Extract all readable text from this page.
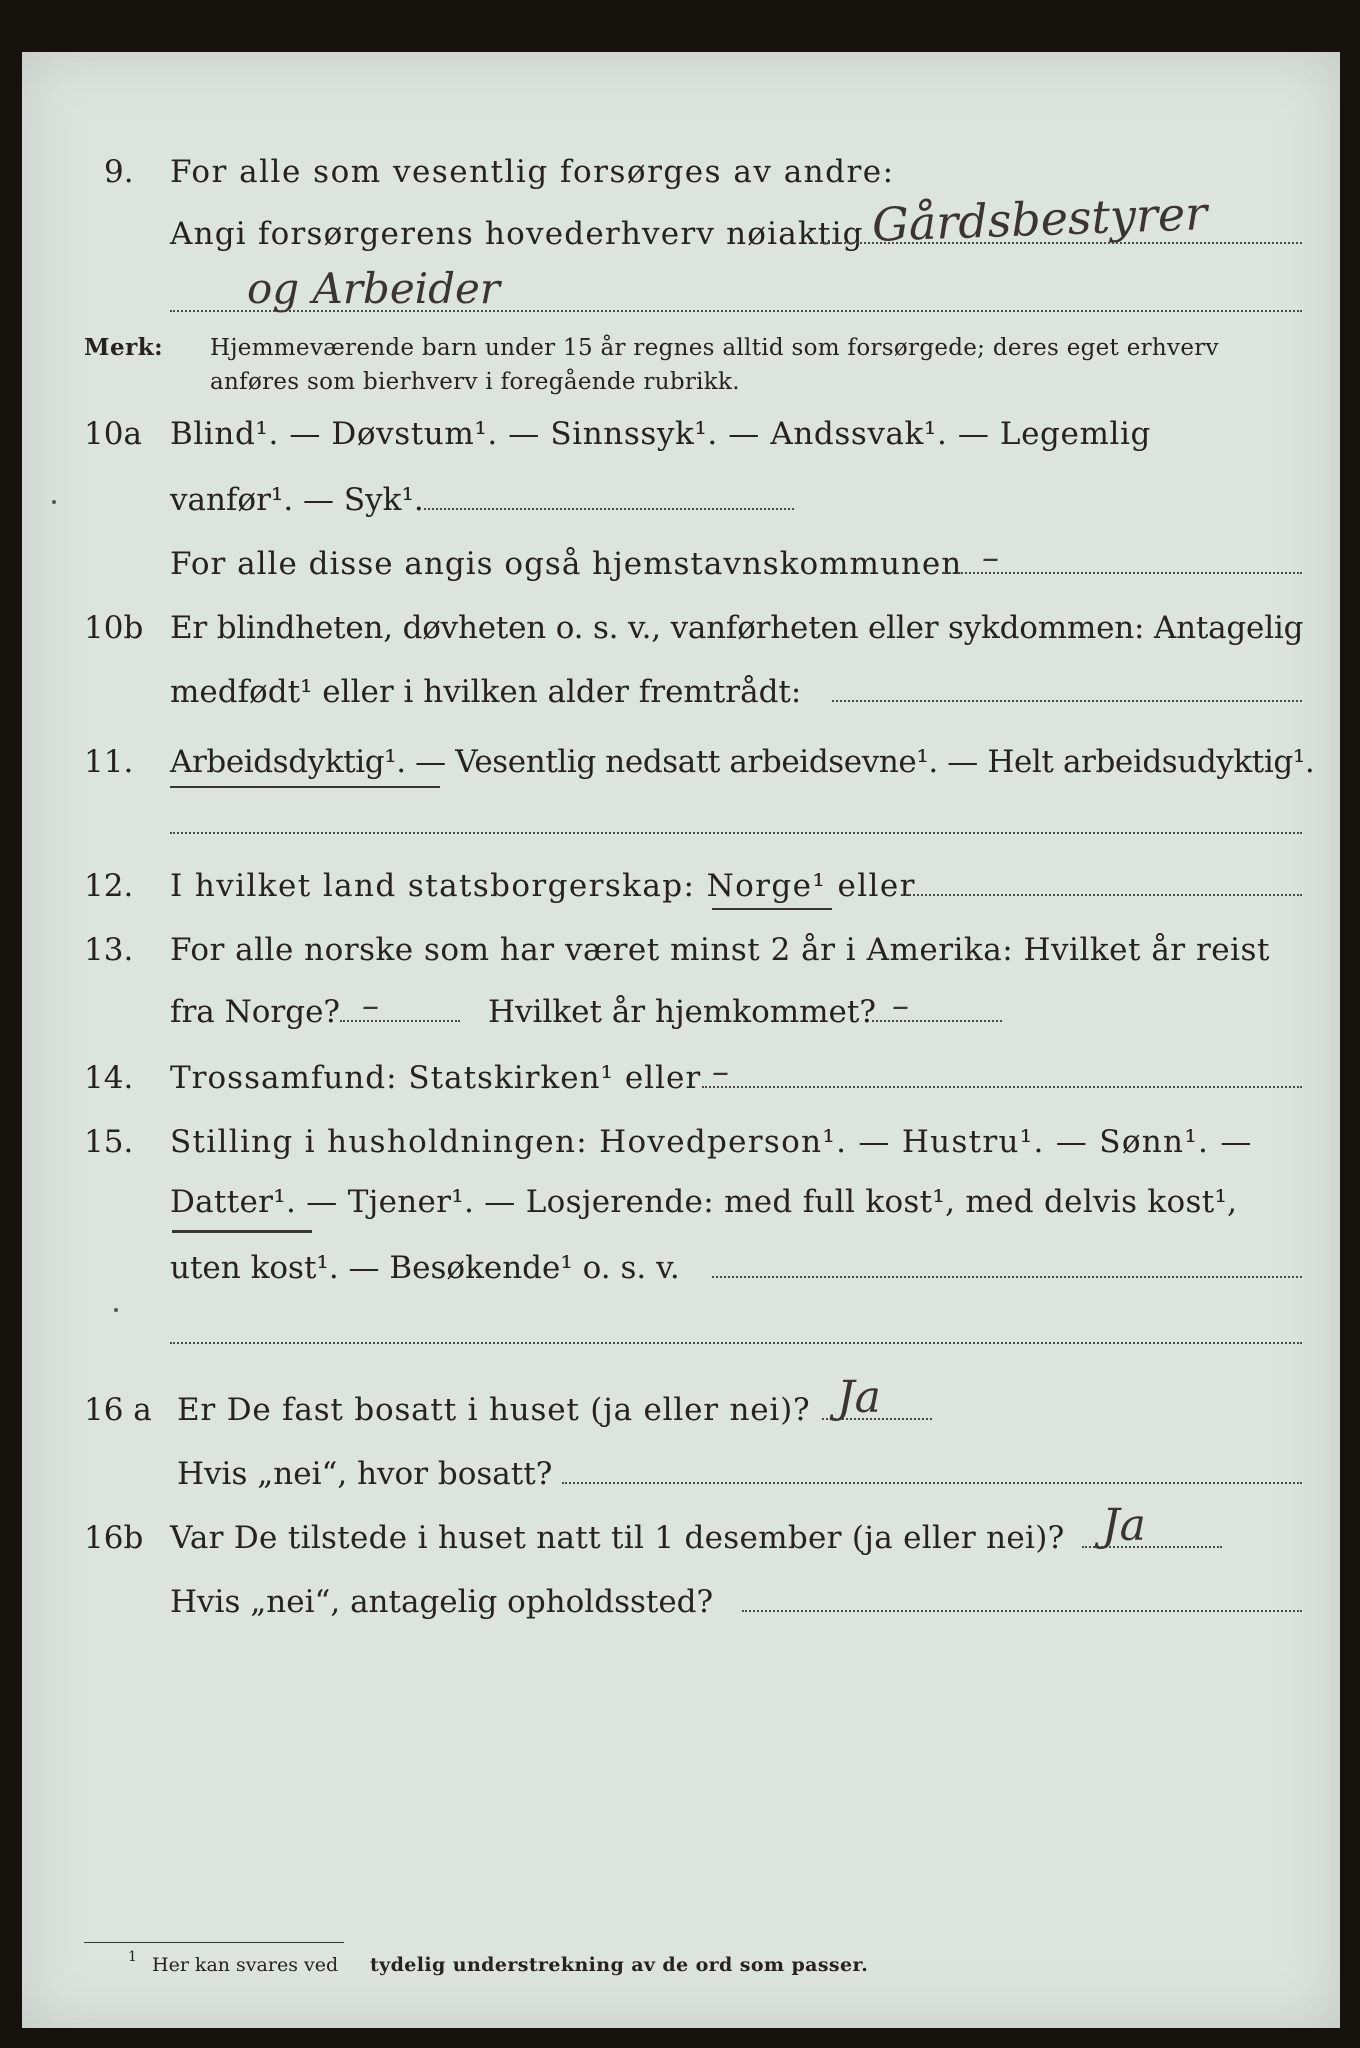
9. For alle som vesentlig forsørges av andre:
Angi forsørgerens hovederhverv nøiaktig Gårdsbestyrer
og Arbeider
Merk: Hjemmeværende barn under 15 år regnes alltid som forsørgede; deres eget erhverv
anføres som bierhverv i foregående rubrikk.
10a Blind¹. — Døvstum¹. — Sinnssyk¹. — Andssvak¹. — Legemlig
vanfør¹. — Syk¹.
For alle disse angis også hjemstavnskommunen –
10b Er blindheten, døvheten o. s. v., vanførheten eller sykdommen: Antagelig
medfødt¹ eller i hvilken alder fremtrådt:
11. Arbeidsdyktig¹. — Vesentlig nedsatt arbeidsevne¹. — Helt arbeidsudyktig¹.
12. I hvilket land statsborgerskap: Norge¹ eller
13. For alle norske som har været minst 2 år i Amerika: Hvilket år reist
fra Norge? –	Hvilket år hjemkommet? –
14. Trossamfund: Statskirken¹ eller –
15. Stilling i husholdningen: Hovedperson¹. — Hustru¹. — Sønn¹. —
Datter¹. — Tjener¹. — Losjerende: med full kost¹, med delvis kost¹,
uten kost¹. — Besøkende¹ o. s. v.
16 a Er De fast bosatt i huset (ja eller nei)? Ja
Hvis „nei“, hvor bosatt?
16b Var De tilstede i huset natt til 1 desember (ja eller nei)? Ja
Hvis „nei“, antagelig opholdssted?
1 Her kan svares ved tydelig understrekning av de ord som passer.
